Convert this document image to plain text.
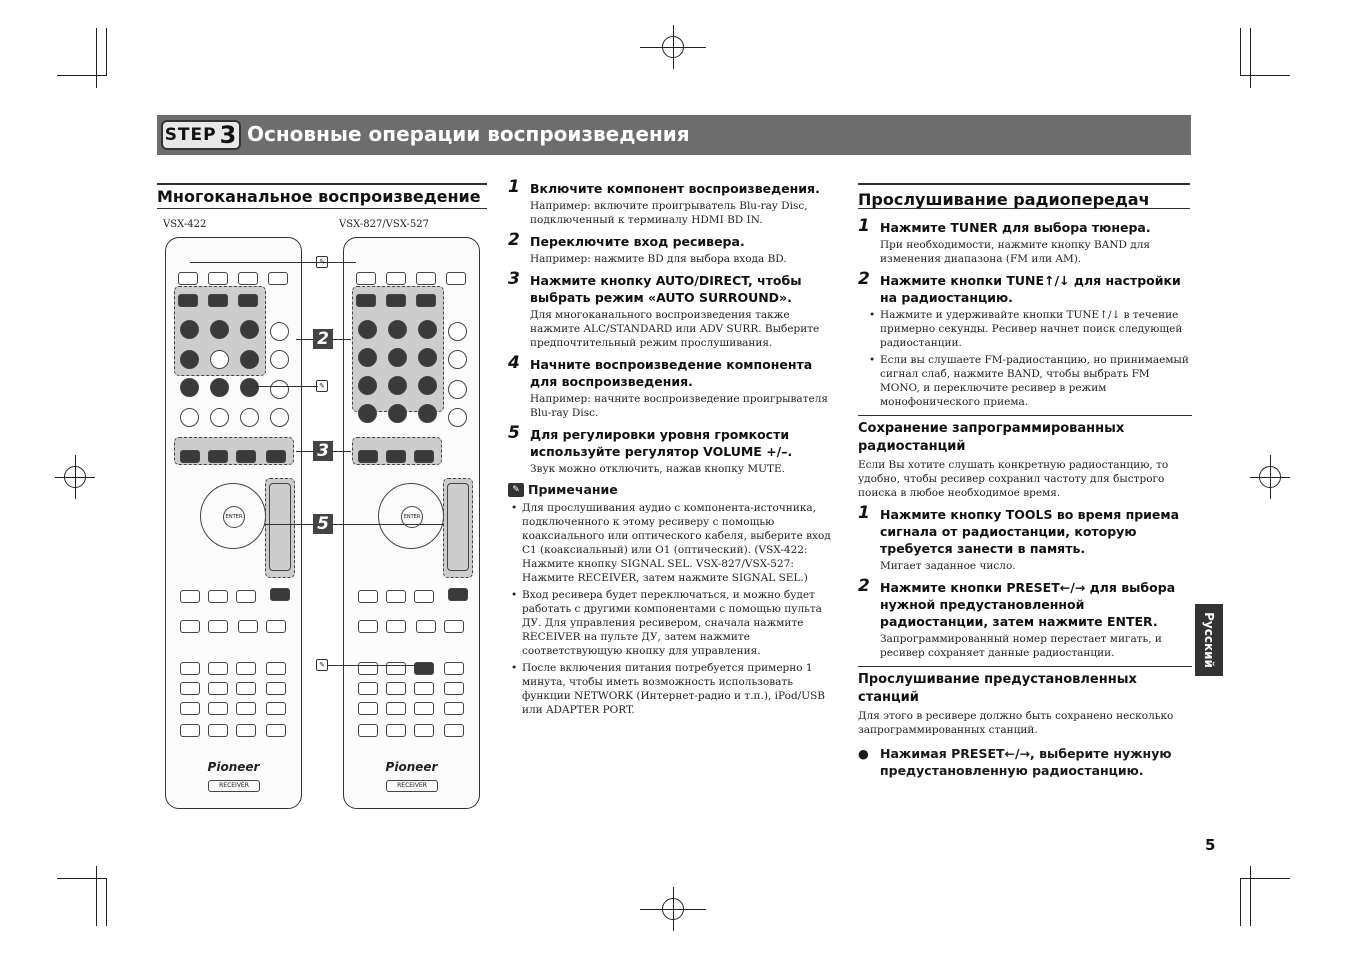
STEP 3 Основные операции воспроизведения
Многоканальное воспроизведение
VSX-422	VSX-827/VSX-527
ENTER
Pioneer
RECEIVER
ENTER
Pioneer
RECEIVER
2
3
5
✎
✎
✎
1 Включите компонент воспроизведения.
Например: включите проигрыватель Blu-ray Disc, подключенный к терминалу HDMI BD IN.
2 Переключите вход ресивера.
Например: нажмите BD для выбора входа BD.
3 Нажмите кнопку AUTO/DIRECT, чтобы выбрать режим «AUTO SURROUND».
Для многоканального воспроизведения также нажмите ALC/STANDARD или ADV SURR. Выберите предпочтительный режим прослушивания.
4 Начните воспроизведение компонента для воспроизведения.
Например: начните воспроизведение проигрывателя Blu-ray Disc.
5 Для регулировки уровня громкости используйте регулятор VOLUME +/–.
Звук можно отключить, нажав кнопку MUTE.
✎ Примечание
• Для прослушивания аудио с компонента-источника, подключенного к этому ресиверу с помощью коаксиального или оптического кабеля, выберите вход C1 (коаксиальный) или O1 (оптический). (VSX-422: Нажмите кнопку SIGNAL SEL. VSX-827/VSX-527: Нажмите RECEIVER, затем нажмите SIGNAL SEL.)
• Вход ресивера будет переключаться, и можно будет работать с другими компонентами с помощью пульта ДУ. Для управления ресивером, сначала нажмите RECEIVER на пульте ДУ, затем нажмите соответствующую кнопку для управления.
• После включения питания потребуется примерно 1 минута, чтобы иметь возможность использовать функции NETWORK (Интернет-радио и т.п.), iPod/USB или ADAPTER PORT.
Прослушивание радиопередач
1 Нажмите TUNER для выбора тюнера.
При необходимости, нажмите кнопку BAND для изменения диапазона (FM или AM).
2 Нажмите кнопки TUNE↑/↓ для настройки на радиостанцию.
• Нажмите и удерживайте кнопки TUNE↑/↓ в течение примерно секунды. Ресивер начнет поиск следующей радиостанции.
• Если вы слушаете FM-радиостанцию, но принимаемый сигнал слаб, нажмите BAND, чтобы выбрать FM MONO, и переключите ресивер в режим монофонического приема.
Сохранение запрограммированных радиостанций
Если Вы хотите слушать конкретную радиостанцию, то удобно, чтобы ресивер сохранил частоту для быстрого поиска в любое необходимое время.
1 Нажмите кнопку TOOLS во время приема сигнала от радиостанции, которую требуется занести в память.
Мигает заданное число.
2 Нажмите кнопки PRESET←/→ для выбора нужной предустановленной радиостанции, затем нажмите ENTER.
Запрограммированный номер перестает мигать, и ресивер сохраняет данные радиостанции.
Прослушивание предустановленных станций
Для этого в ресивере должно быть сохранено несколько запрограммированных станций.
● Нажимая PRESET←/→, выберите нужную предустановленную радиостанцию.
Русский
5
